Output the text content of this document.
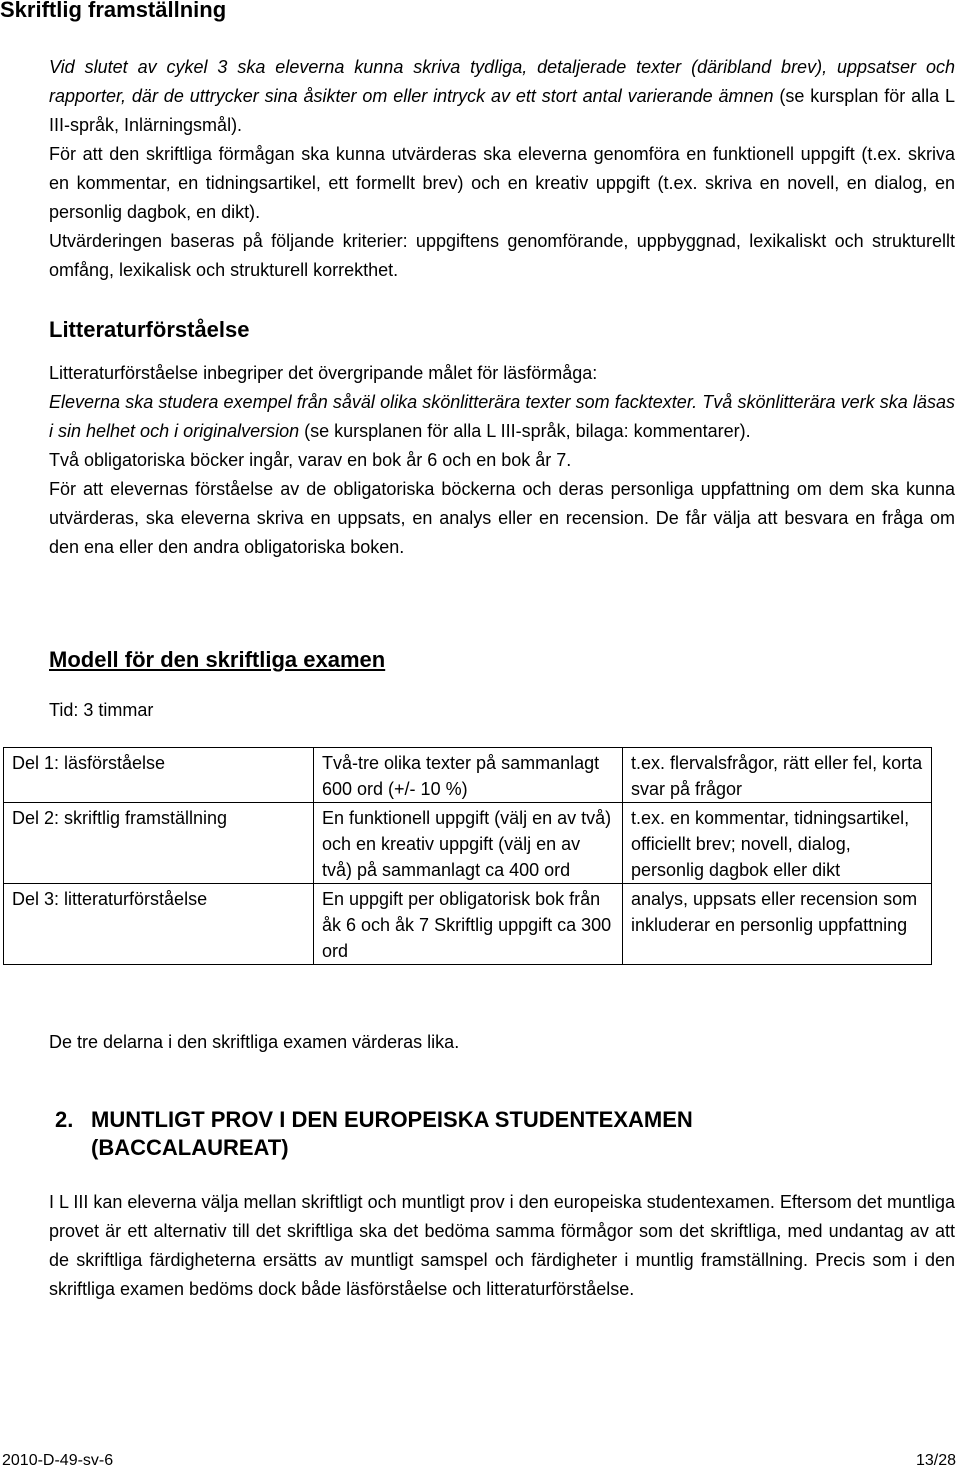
Skriftlig framställning

Vid slutet av cykel 3 ska eleverna kunna skriva tydliga, detaljerade texter (däribland brev), uppsatser och rapporter, där de uttrycker sina åsikter om eller intryck av ett stort antal varierande ämnen (se kursplan för alla L III-språk, Inlärningsmål).

För att den skriftliga förmågan ska kunna utvärderas ska eleverna genomföra en funktionell uppgift (t.ex. skriva en kommentar, en tidningsartikel, ett formellt brev) och en kreativ uppgift (t.ex. skriva en novell, en dialog, en personlig dagbok, en dikt).

Utvärderingen baseras på följande kriterier: uppgiftens genomförande, uppbyggnad, lexikaliskt och strukturellt omfång, lexikalisk och strukturell korrekthet.

Litteraturförståelse

Litteraturförståelse inbegriper det övergripande målet för läsförmåga:

Eleverna ska studera exempel från såväl olika skönlitterära texter som facktexter. Två skönlitterära verk ska läsas i sin helhet och i originalversion (se kursplanen för alla L III-språk, bilaga: kommentarer).

Två obligatoriska böcker ingår, varav en bok år 6 och en bok år 7.

För att elevernas förståelse av de obligatoriska böckerna och deras personliga uppfattning om dem ska kunna utvärderas, ska eleverna skriva en uppsats, en analys eller en recension. De får välja att besvara en fråga om den ena eller den andra obligatoriska boken.

Modell för den skriftliga examen
Tid: 3 timmar
Del 1: läsförståelse	Två-tre olika texter på sammanlagt 600 ord (+/- 10 %)	t.ex. flervalsfrågor, rätt eller fel, korta svar på frågor
Del 2: skriftlig framställning	En funktionell uppgift (välj en av två) och en kreativ uppgift (välj en av två) på sammanlagt ca 400 ord	t.ex. en kommentar, tidningsartikel, officiellt brev; novell, dialog, personlig dagbok eller dikt
Del 3: litteraturförståelse	En uppgift per obligatorisk bok från åk 6 och åk 7 Skriftlig uppgift ca 300 ord	analys, uppsats eller recension som inkluderar en personlig uppfattning
De tre delarna i den skriftliga examen värderas lika.
2. MUNTLIGT PROV I DEN EUROPEISKA STUDENTEXAMEN
(BACCALAUREAT)

I L III kan eleverna välja mellan skriftligt och muntligt prov i den europeiska studentexamen. Eftersom det muntliga provet är ett alternativ till det skriftliga ska det bedöma samma förmågor som det skriftliga, med undantag av att de skriftliga färdigheterna ersätts av muntligt samspel och färdigheter i muntlig framställning. Precis som i den skriftliga examen bedöms dock både läsförståelse och litteraturförståelse.

2010-D-49-sv-6	13/28
